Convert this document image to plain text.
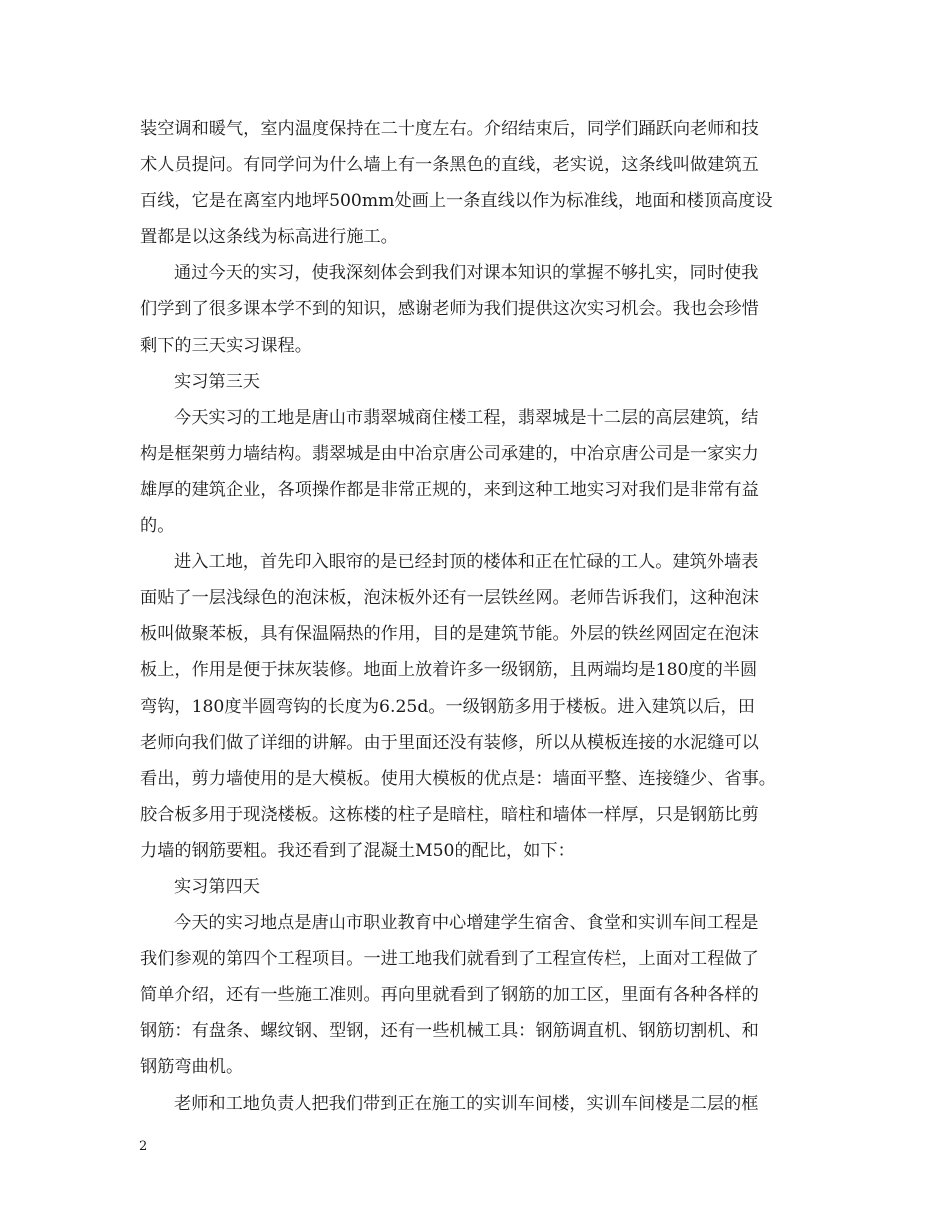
装空调和暖气，室内温度保持在二十度左右。介绍结束后，同学们踊跃向老师和技
术人员提问。有同学问为什么墙上有一条黑色的直线，老实说，这条线叫做建筑五
百线，它是在离室内地坪500mm处画上一条直线以作为标准线，地面和楼顶高度设
置都是以这条线为标高进行施工。
通过今天的实习，使我深刻体会到我们对课本知识的掌握不够扎实，同时使我
们学到了很多课本学不到的知识，感谢老师为我们提供这次实习机会。我也会珍惜
剩下的三天实习课程。
实习第三天
今天实习的工地是唐山市翡翠城商住楼工程，翡翠城是十二层的高层建筑，结
构是框架剪力墙结构。翡翠城是由中冶京唐公司承建的，中冶京唐公司是一家实力
雄厚的建筑企业，各项操作都是非常正规的，来到这种工地实习对我们是非常有益
的。
进入工地，首先印入眼帘的是已经封顶的楼体和正在忙碌的工人。建筑外墙表
面贴了一层浅绿色的泡沫板，泡沫板外还有一层铁丝网。老师告诉我们，这种泡沫
板叫做聚苯板，具有保温隔热的作用，目的是建筑节能。外层的铁丝网固定在泡沫
板上，作用是便于抹灰装修。地面上放着许多一级钢筋，且两端均是180度的半圆
弯钩，180度半圆弯钩的长度为6.25d。一级钢筋多用于楼板。进入建筑以后，田
老师向我们做了详细的讲解。由于里面还没有装修，所以从模板连接的水泥缝可以
看出，剪力墙使用的是大模板。使用大模板的优点是：墙面平整、连接缝少、省事。
胶合板多用于现浇楼板。这栋楼的柱子是暗柱，暗柱和墙体一样厚，只是钢筋比剪
力墙的钢筋要粗。我还看到了混凝土M50的配比，如下：
实习第四天
今天的实习地点是唐山市职业教育中心增建学生宿舍、食堂和实训车间工程是
我们参观的第四个工程项目。一进工地我们就看到了工程宣传栏，上面对工程做了
简单介绍，还有一些施工准则。再向里就看到了钢筋的加工区，里面有各种各样的
钢筋：有盘条、螺纹钢、型钢，还有一些机械工具：钢筋调直机、钢筋切割机、和
钢筋弯曲机。
老师和工地负责人把我们带到正在施工的实训车间楼，实训车间楼是二层的框
2
